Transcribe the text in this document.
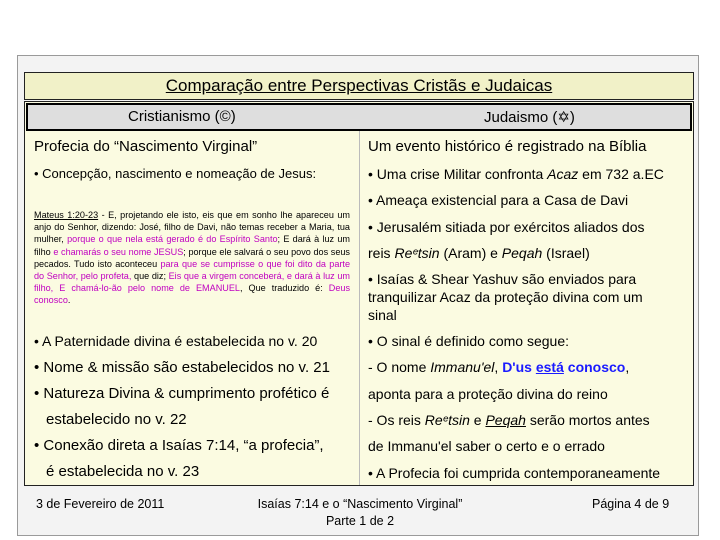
Comparação entre Perspectivas Cristãs e Judaicas
Cristianismo (©)	Judaismo (✡)
Profecia do “Nascimento Virginal”
• Concepção, nascimento e nomeação de Jesus:
Mateus 1:20-23 - E, projetando ele isto, eis que em sonho lhe apareceu um anjo do Senhor, dizendo: José, filho de Davi, não temas receber a Maria, tua mulher, porque o que nela está gerado é do Espírito Santo; E dará à luz um filho e chamarás o seu nome JESUS; porque ele salvará o seu povo dos seus pecados. Tudo isto aconteceu para que se cumprisse o que foi dito da parte do Senhor, pelo profeta, que diz; Eis que a virgem conceberá, e dará à luz um filho, E chamá-lo-ão pelo nome de EMANUEL, Que traduzido é: Deus conosco.
• A Paternidade divina é estabelecida no v. 20
• Nome & missão são estabelecidos no v. 21
• Natureza Divina & cumprimento profético é
estabelecido no v. 22
• Conexão direta a Isaías 7:14, “a profecia”,
é estabelecida no v. 23
Um evento histórico é registrado na Bíblia
• Uma crise Militar confronta Acaz em 732 a.EC
• Ameaça existencial para a Casa de Davi
• Jerusalém sitiada por exércitos aliados dos
reis Reᵉtsin (Aram) e Peqah (Israel)
• Isaías & Shear Yashuv são enviados para
tranquilizar Acaz da proteção divina com um
sinal
• O sinal é definido como segue:
- O nome Immanu'el, D'us está conosco,
aponta para a proteção divina do reino
- Os reis Reᵉtsin e Peqah serão mortos antes
de Immanu'el saber o certo e o errado
• A Profecia foi cumprida contemporaneamente
3 de Fevereiro de 2011	Isaías 7:14 e o “Nascimento Virginal”
Parte 1 de 2
Página 4 de 9
